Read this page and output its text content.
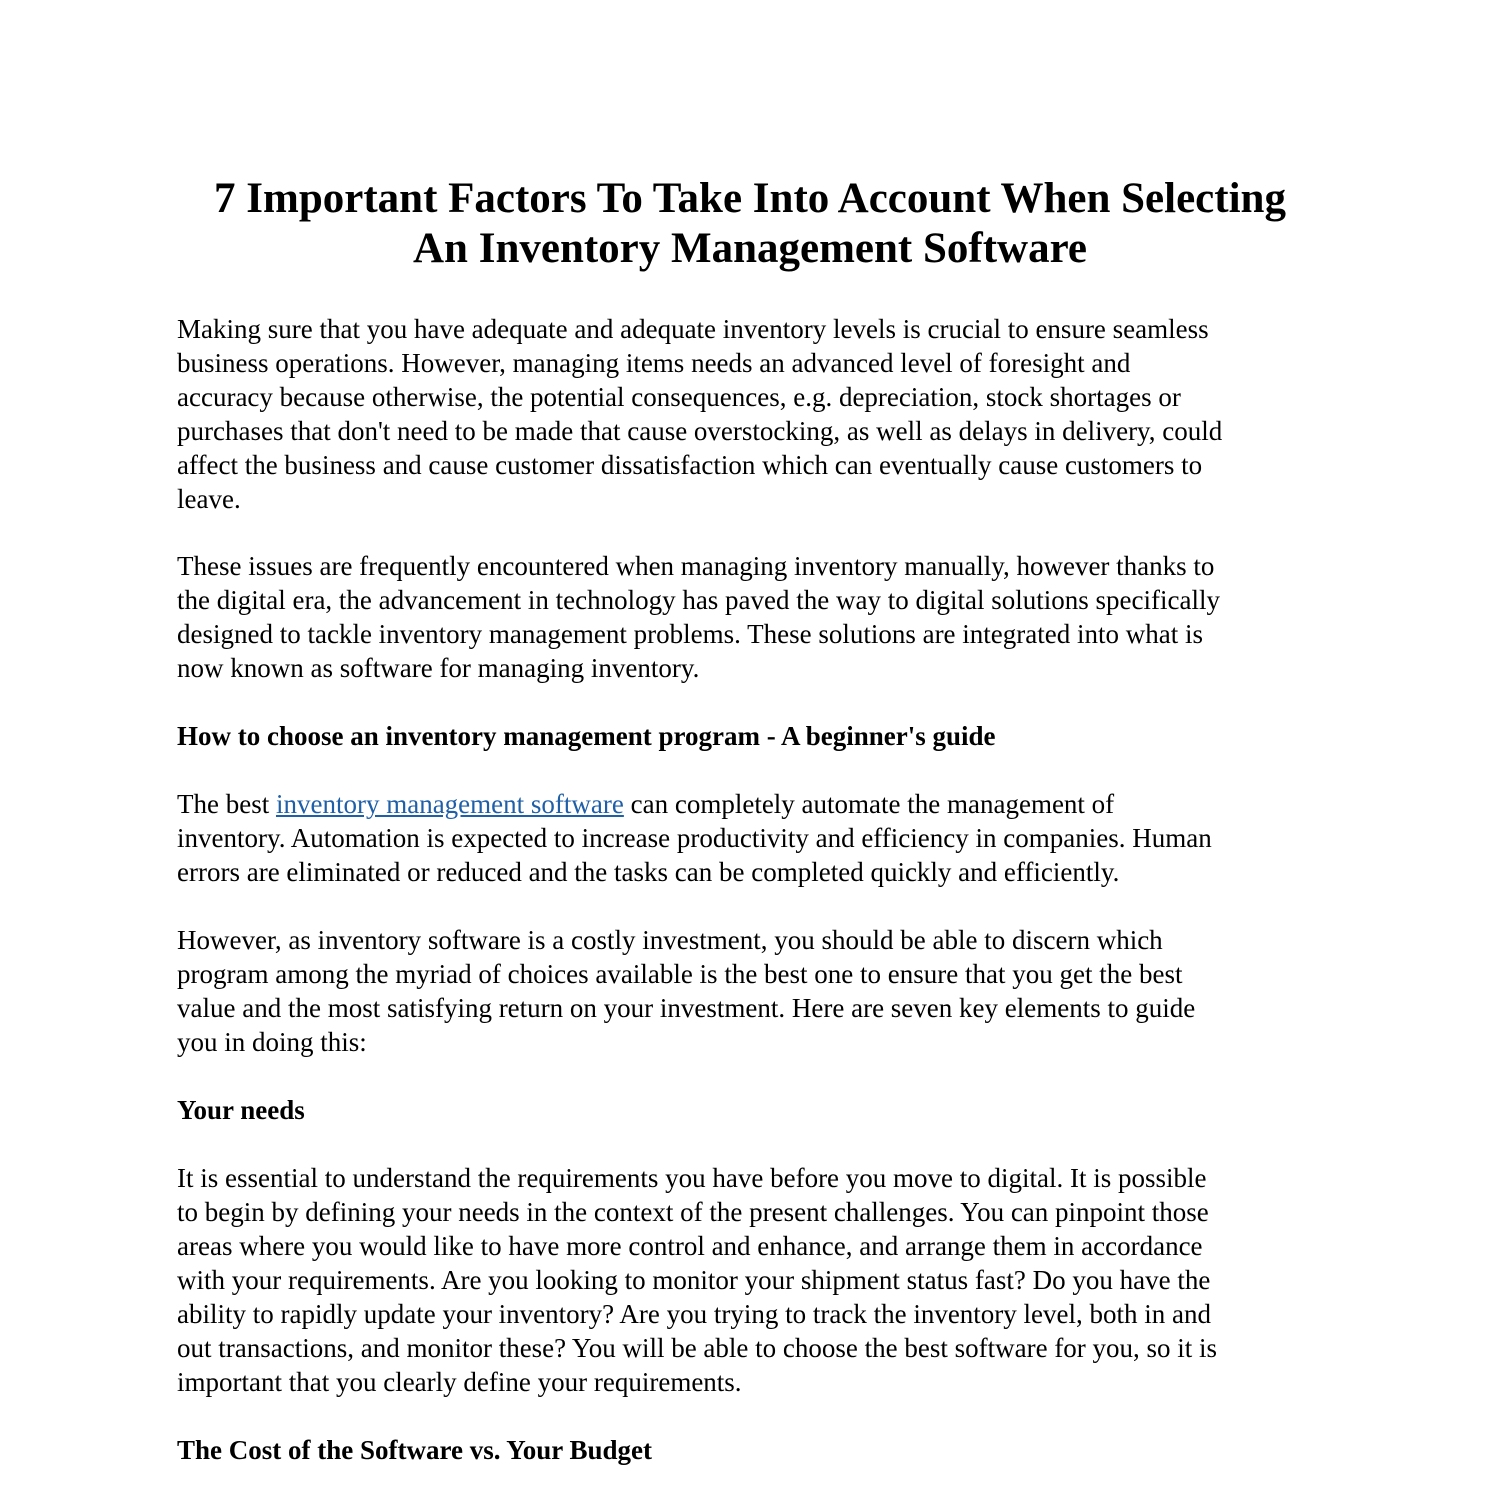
7 Important Factors To Take Into Account When Selecting
An Inventory Management Software

Making sure that you have adequate and adequate inventory levels is crucial to ensure seamless
business operations. However, managing items needs an advanced level of foresight and
accuracy because otherwise, the potential consequences, e.g. depreciation, stock shortages or
purchases that don't need to be made that cause overstocking, as well as delays in delivery, could
affect the business and cause customer dissatisfaction which can eventually cause customers to
leave.

These issues are frequently encountered when managing inventory manually, however thanks to
the digital era, the advancement in technology has paved the way to digital solutions specifically
designed to tackle inventory management problems. These solutions are integrated into what is
now known as software for managing inventory.

How to choose an inventory management program - A beginner's guide

The best inventory management software can completely automate the management of
inventory. Automation is expected to increase productivity and efficiency in companies. Human
errors are eliminated or reduced and the tasks can be completed quickly and efficiently.

However, as inventory software is a costly investment, you should be able to discern which
program among the myriad of choices available is the best one to ensure that you get the best
value and the most satisfying return on your investment. Here are seven key elements to guide
you in doing this:

Your needs

It is essential to understand the requirements you have before you move to digital. It is possible
to begin by defining your needs in the context of the present challenges. You can pinpoint those
areas where you would like to have more control and enhance, and arrange them in accordance
with your requirements. Are you looking to monitor your shipment status fast? Do you have the
ability to rapidly update your inventory? Are you trying to track the inventory level, both in and
out transactions, and monitor these? You will be able to choose the best software for you, so it is
important that you clearly define your requirements.

The Cost of the Software vs. Your Budget
